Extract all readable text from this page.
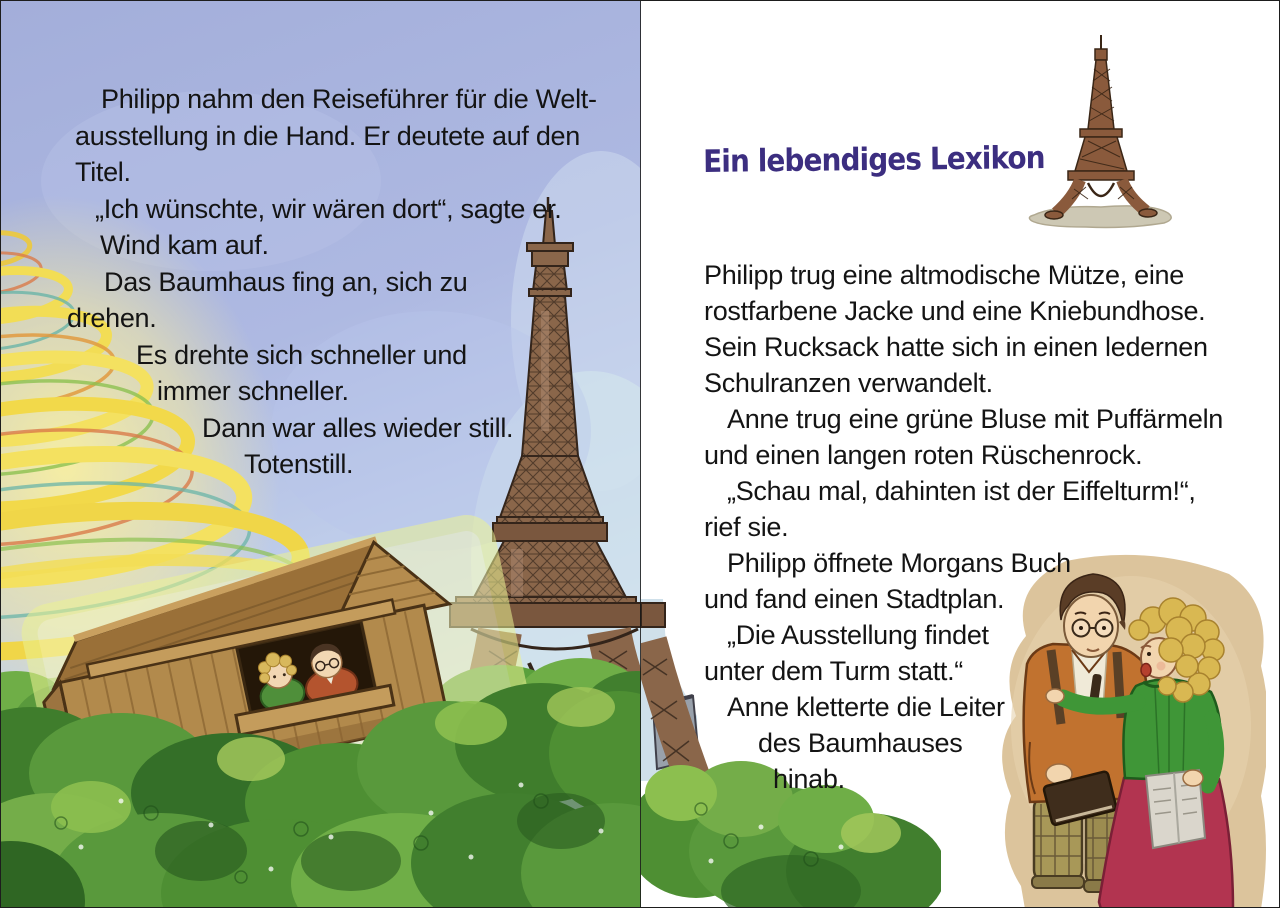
Philipp nahm den Reiseführer für die Welt-
ausstellung in die Hand. Er deutete auf den
Titel.
„Ich wünschte, wir wären dort“, sagte er.
Wind kam auf.
Das Baumhaus fing an, sich zu
drehen.
Es drehte sich schneller und
immer schneller.
Dann war alles wieder still.
Totenstill.
Ein lebendiges Lexikon
Philipp trug eine altmodische Mütze, eine
rostfarbene Jacke und eine Kniebundhose.
Sein Rucksack hatte sich in einen ledernen
Schulranzen verwandelt.
Anne trug eine grüne Bluse mit Puffärmeln
und einen langen roten Rüschenrock.
„Schau mal, dahinten ist der Eiffelturm!“,
rief sie.
Philipp öffnete Morgans Buch
und fand einen Stadtplan.
„Die Ausstellung findet
unter dem Turm statt.“
Anne kletterte die Leiter
des Baumhauses
hinab.
